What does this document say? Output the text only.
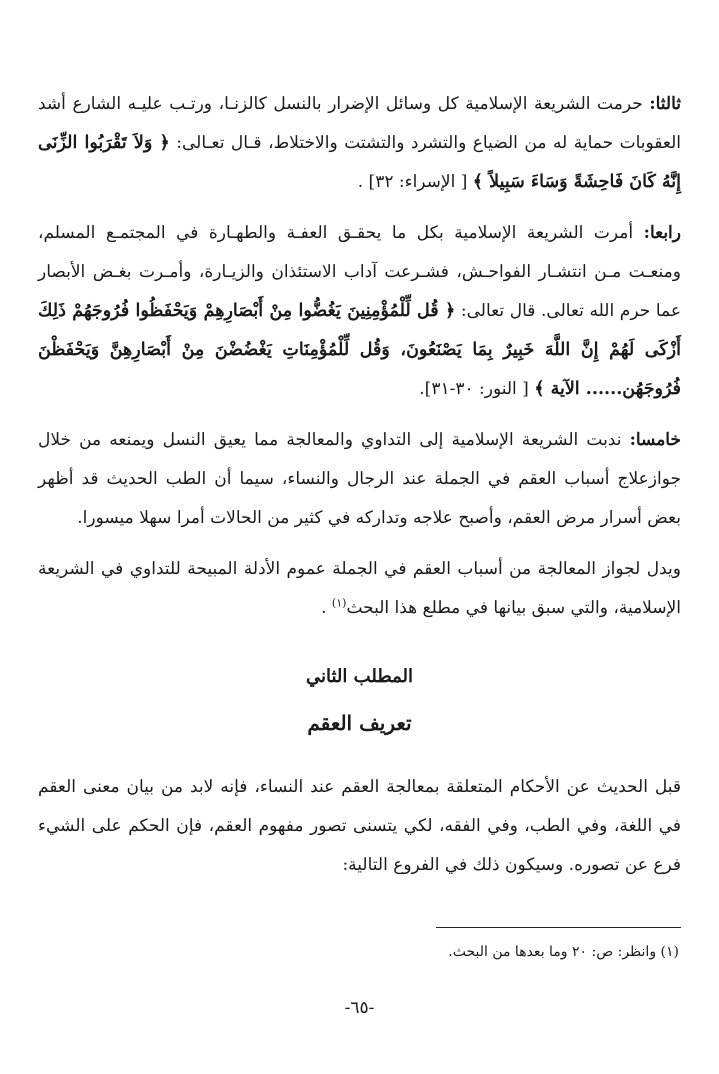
ثالثا: حرمت الشريعة الإسلامية كل وسائل الإضرار بالنسل كالزنـا، ورتـب عليـه الشارع أشد العقوبات حماية له من الضياع والتشرد والتشتت والاختلاط، قـال تعـالى: ﴿ وَلاَ تَقْرَبُوا الزِّنَى إِنَّهُ كَانَ فَاحِشَةً وَسَاءَ سَبِيلاً ﴾ [ الإسراء: ٣٢] .

رابعا: أمرت الشريعة الإسلامية بكل ما يحقـق العفـة والطهـارة في المجتمـع المسلم، ومنعـت مـن انتشـار الفواحـش، فشـرعت آداب الاستئذان والزيـارة، وأمـرت بغـض الأبصار عما حرم الله تعالى. قال تعالى: ﴿ قُل لِّلْمُؤْمِنِينَ يَغُضُّوا مِنْ أَبْصَارِهِمْ وَيَحْفَظُوا فُرُوجَهُمْ ذَلِكَ أَزْكَى لَهُمْ إِنَّ اللَّهَ خَبِيرٌ بِمَا يَصْنَعُونَ، وَقُل لِّلْمُؤْمِنَاتِ يَغْضُضْنَ مِنْ أَبْصَارِهِنَّ وَيَحْفَظْنَ فُرُوجَهُن...... الآية ﴾ [ النور: ٣٠-٣١].

خامسا: ندبت الشريعة الإسلامية إلى التداوي والمعالجة مما يعيق النسل ويمنعه من خلال جوازعلاج أسباب العقم في الجملة عند الرجال والنساء، سيما أن الطب الحديث قد أظهر بعض أسرار مرض العقم، وأصبح علاجه وتداركه في كثير من الحالات أمرا سهلا ميسورا.

ويدل لجواز المعالجة من أسباب العقم في الجملة عموم الأدلة المبيحة للتداوي في الشريعة الإسلامية، والتي سبق بيانها في مطلع هذا البحث$^{(١)}$ .

المطلب الثاني

تعريف العقم

قبل الحديث عن الأحكام المتعلقة بمعالجة العقم عند النساء، فإنه لابد من بيان معنى العقم في اللغة، وفي الطب، وفي الفقه، لكي يتسنى تصور مفهوم العقم، فإن الحكم على الشيء فرع عن تصوره. وسيكون ذلك في الفروع التالية:

(١) وانظر: ص: ٢٠ وما بعدها من البحث.
-٦٥-
